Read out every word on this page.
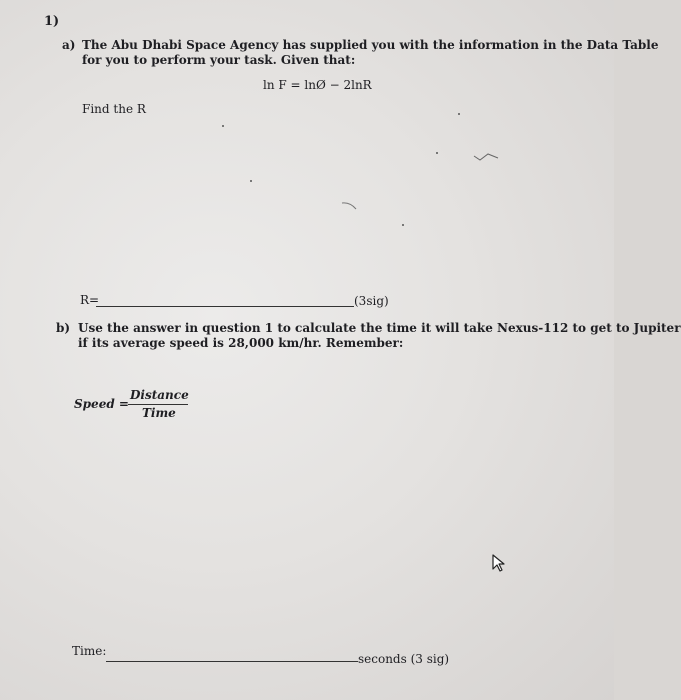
1)
a) The Abu Dhabi Space Agency has supplied you with the information in the Data Table
for you to perform your task. Given that:
ln F = lnØ − 2lnR
Find the R
R=	(3sig)
b) Use the answer in question 1 to calculate the time it will take Nexus-112 to get to Jupiter
if its average speed is 28,000 km/hr. Remember:
Speed =
Distance
Time
Time:
seconds (3 sig)
